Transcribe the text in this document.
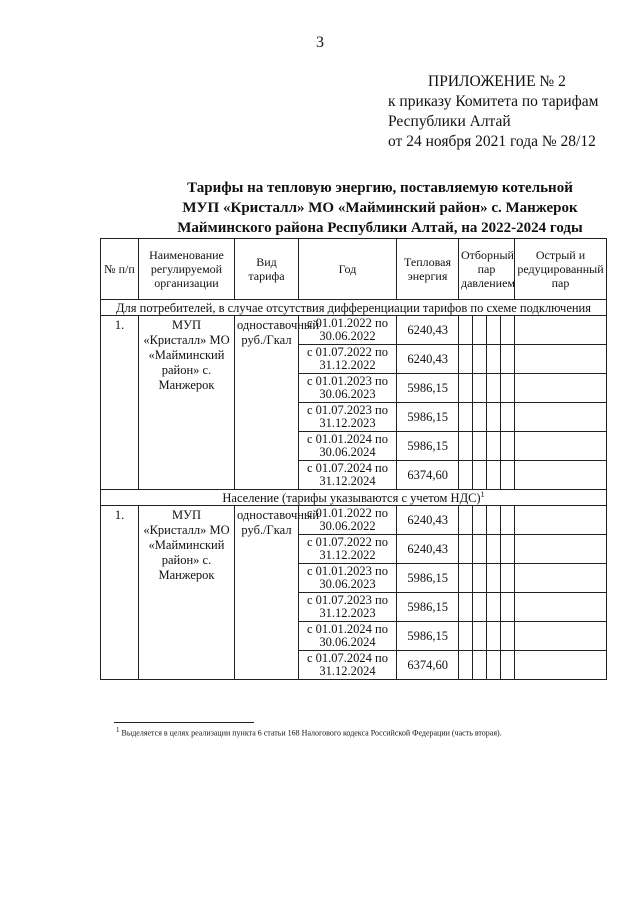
3
ПРИЛОЖЕНИЕ № 2
к приказу Комитета по тарифам
Республики Алтай
от 24 ноября 2021 года № 28/12
Тарифы на тепловую энергию, поставляемую котельной
МУП «Кристалл» МО «Майминский район» с. Манжерок
Майминского района Республики Алтай, на 2022-2024 годы
№ п/п	Наименование регулируемой организации	Вид тарифа	Год	Тепловая энергия	Отборный пар давлением				Острый и редуцированный пар
Для потребителей, в случае отсутствия дифференциации тарифов по схеме подключения									
1.	МУП «Кристалл» МО «Майминский район» с. Манжерок	одноставочный руб./Гкал	с 01.01.2022 по 30.06.2022	6240,43					
			с 01.07.2022 по 31.12.2022	6240,43					
			с 01.01.2023 по 30.06.2023	5986,15					
			с 01.07.2023 по 31.12.2023	5986,15					
			с 01.01.2024 по 30.06.2024	5986,15					
			с 01.07.2024 по 31.12.2024	6374,60					
Население (тарифы указываются с учетом НДС)$^1$
1.	МУП «Кристалл» МО «Майминский район» с. Манжерок	одноставочный руб./Гкал	с 01.01.2022 по 30.06.2022	6240,43					
			с 01.07.2022 по 31.12.2022	6240,43					
			с 01.01.2023 по 30.06.2023	5986,15					
			с 01.07.2023 по 31.12.2023	5986,15					
			с 01.01.2024 по 30.06.2024	5986,15					
			с 01.07.2024 по 31.12.2024	6374,60					
1 Выделяется в целях реализации пункта 6 статьи 168 Налогового кодекса Российской Федерации (часть вторая).
